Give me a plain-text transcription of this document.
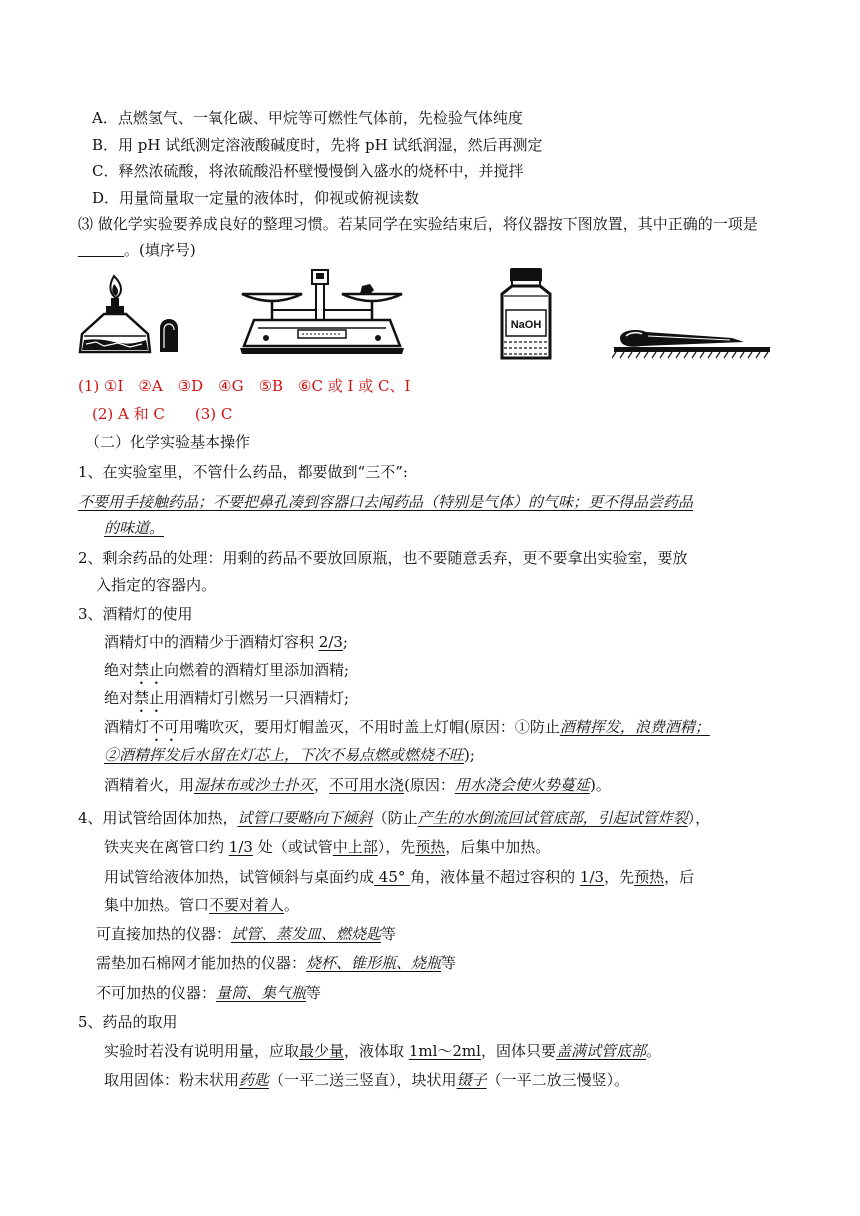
A．点燃氢气、一氧化碳、甲烷等可燃性气体前，先检验气体纯度
B．用 pH 试纸测定溶液酸碱度时，先将 pH 试纸润湿，然后再测定
C．释然浓硫酸，将浓硫酸沿杯壁慢慢倒入盛水的烧杯中，并搅拌
D．用量筒量取一定量的液体时，仰视或俯视读数
⑶ 做化学实验要养成良好的整理习惯。若某同学在实验结束后，将仪器按下图放置，其中正确的一项是
。(填序号)
NaOH
(1) ①I　②A　③D　④G　⑤B　⑥C 或 I 或 C、I
(2) A 和 C　　(3) C
（二）化学实验基本操作
1、在实验室里，不管什么药品，都要做到“三不”:
不要用手接触药品；不要把鼻孔凑到容器口去闻药品（特别是气体）的气味；更不得品尝药品
的味道。
2、剩余药品的处理：用剩的药品不要放回原瓶，也不要随意丢弃，更不要拿出实验室，要放
入指定的容器内。
3、酒精灯的使用
酒精灯中的酒精少于酒精灯容积 2/3;
绝对禁止向燃着的酒精灯里添加酒精;
绝对禁止用酒精灯引燃另一只酒精灯;
酒精灯不可用嘴吹灭，要用灯帽盖灭，不用时盖上灯帽(原因：①防止酒精挥发，浪费酒精；
②酒精挥发后水留在灯芯上，下次不易点燃或燃烧不旺);
酒精着火，用湿抹布或沙土扑灭，不可用水浇(原因：用水浇会使火势蔓延)。
4、用试管给固体加热，试管口要略向下倾斜（防止产生的水倒流回试管底部，引起试管炸裂），
铁夹夹在离管口约 1/3 处（或试管中上部），先预热，后集中加热。
用试管给液体加热，试管倾斜与桌面约成 45° 角，液体量不超过容积的 1/3，先预热，后
集中加热。管口不要对着人。
可直接加热的仪器：试管、蒸发皿、燃烧匙等
需垫加石棉网才能加热的仪器：烧杯、锥形瓶、烧瓶等
不可加热的仪器：量筒、集气瓶等
5、药品的取用
实验时若没有说明用量，应取最少量，液体取 1ml～2ml，固体只要盖满试管底部。
取用固体：粉末状用药匙（一平二送三竖直），块状用镊子（一平二放三慢竖）。
